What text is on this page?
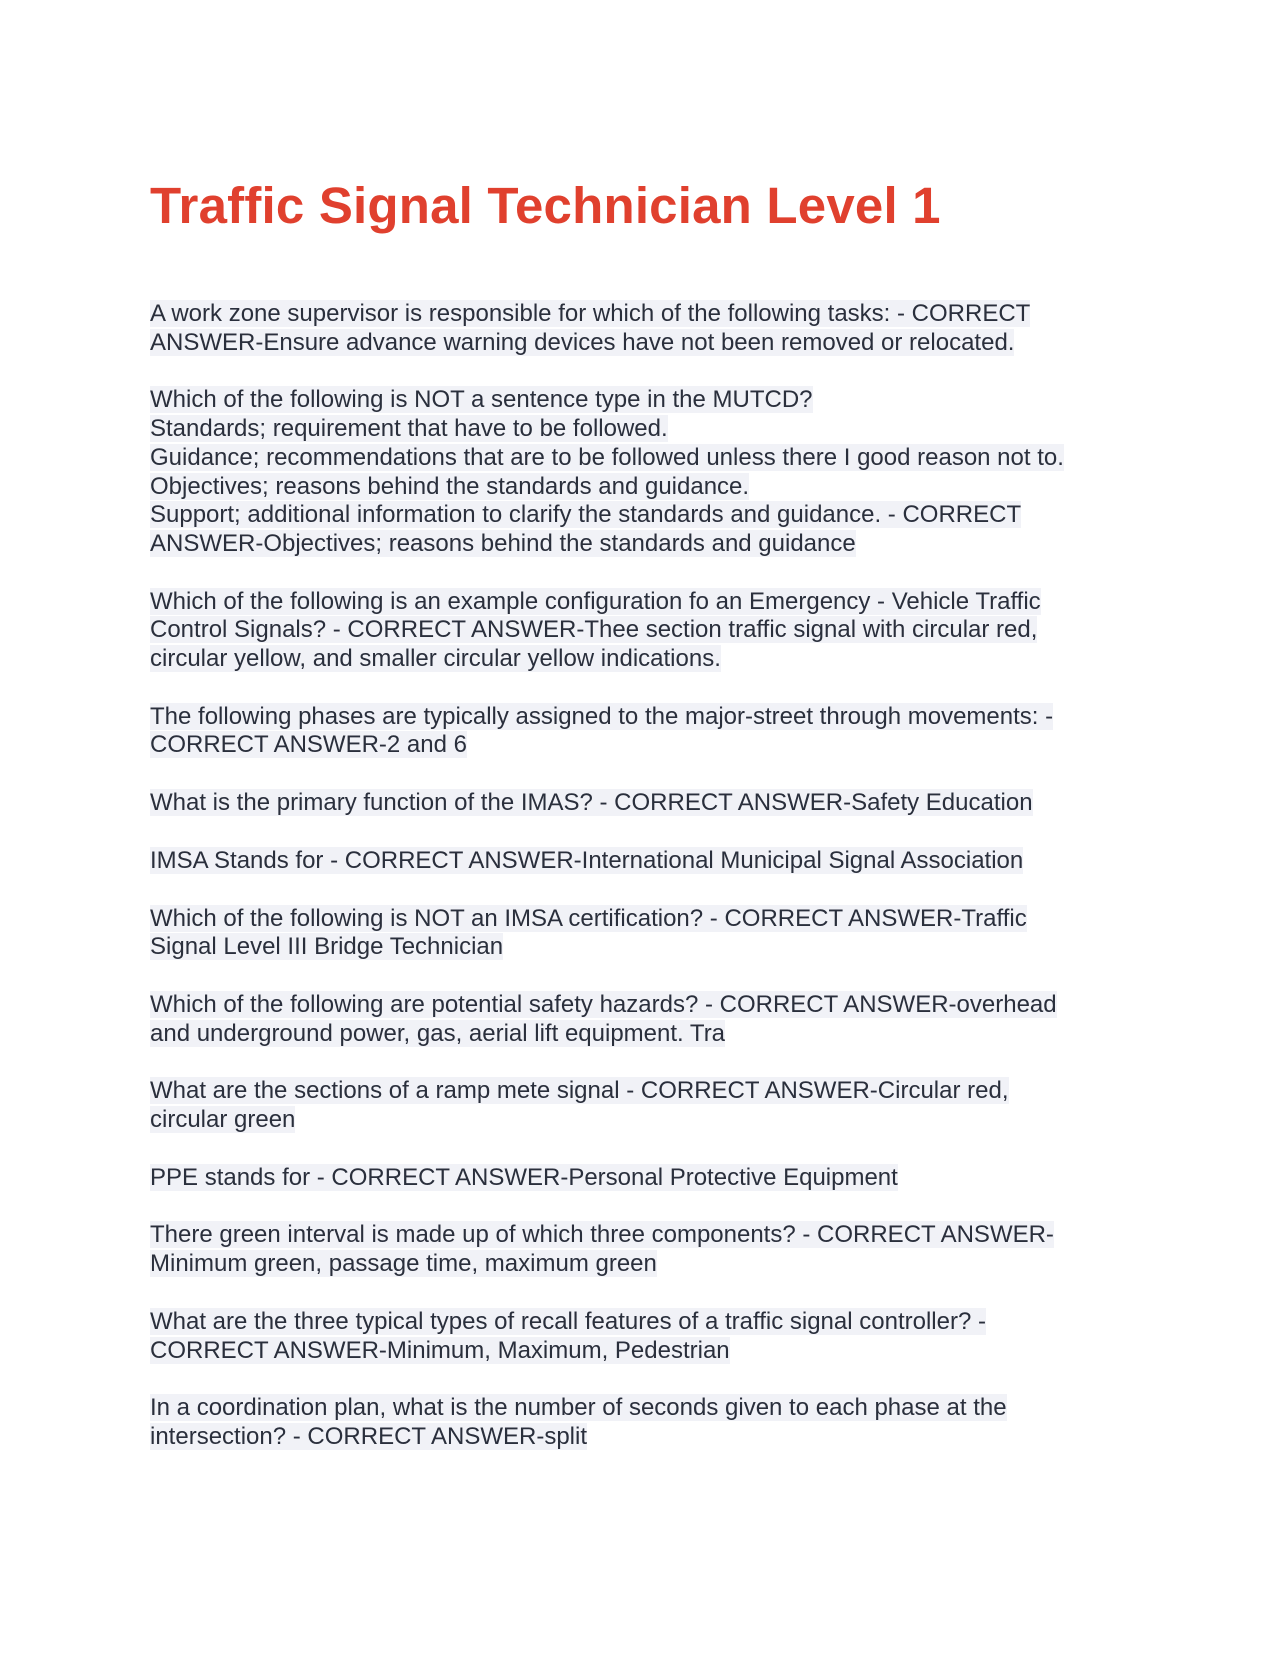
Traffic Signal Technician Level 1
A work zone supervisor is responsible for which of the following tasks: - CORRECT
ANSWER-Ensure advance warning devices have not been removed or relocated.
Which of the following is NOT a sentence type in the MUTCD?
Standards; requirement that have to be followed.
Guidance; recommendations that are to be followed unless there I good reason not to.
Objectives; reasons behind the standards and guidance.
Support; additional information to clarify the standards and guidance. - CORRECT
ANSWER-Objectives; reasons behind the standards and guidance
Which of the following is an example configuration fo an Emergency - Vehicle Traffic
Control Signals? - CORRECT ANSWER-Thee section traffic signal with circular red,
circular yellow, and smaller circular yellow indications.
The following phases are typically assigned to the major-street through movements: -
CORRECT ANSWER-2 and 6
What is the primary function of the IMAS? - CORRECT ANSWER-Safety Education
IMSA Stands for - CORRECT ANSWER-International Municipal Signal Association
Which of the following is NOT an IMSA certification? - CORRECT ANSWER-Traffic
Signal Level III Bridge Technician
Which of the following are potential safety hazards? - CORRECT ANSWER-overhead
and underground power, gas, aerial lift equipment. Tra
What are the sections of a ramp mete signal - CORRECT ANSWER-Circular red,
circular green
PPE stands for - CORRECT ANSWER-Personal Protective Equipment
There green interval is made up of which three components? - CORRECT ANSWER-
Minimum green, passage time, maximum green
What are the three typical types of recall features of a traffic signal controller? -
CORRECT ANSWER-Minimum, Maximum, Pedestrian
In a coordination plan, what is the number of seconds given to each phase at the
intersection? - CORRECT ANSWER-split
